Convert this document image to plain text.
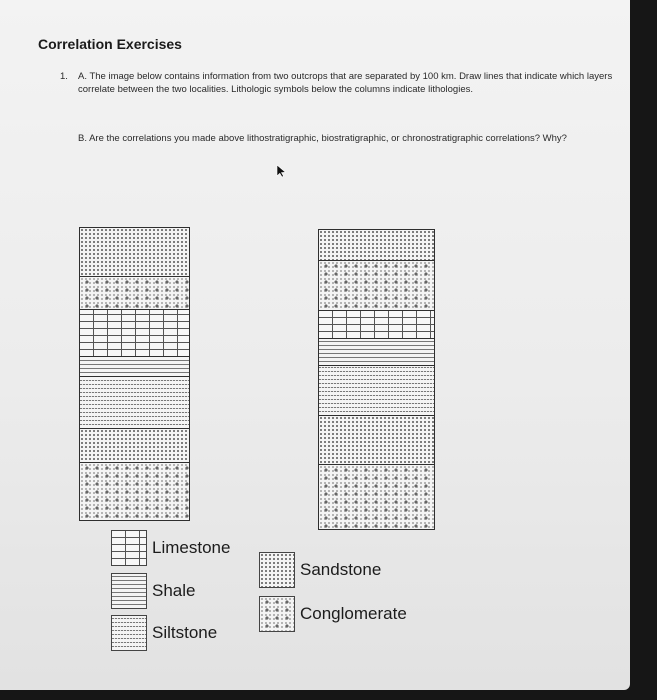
Correlation Exercises
1. A. The image below contains information from two outcrops that are separated by 100 km. Draw lines that indicate which layers correlate between the two localities. Lithologic symbols below the columns indicate lithologies.
B. Are the correlations you made above lithostratigraphic, biostratigraphic, or chronostratigraphic correlations? Why?
Limestone
Shale
Siltstone
Sandstone
Conglomerate
